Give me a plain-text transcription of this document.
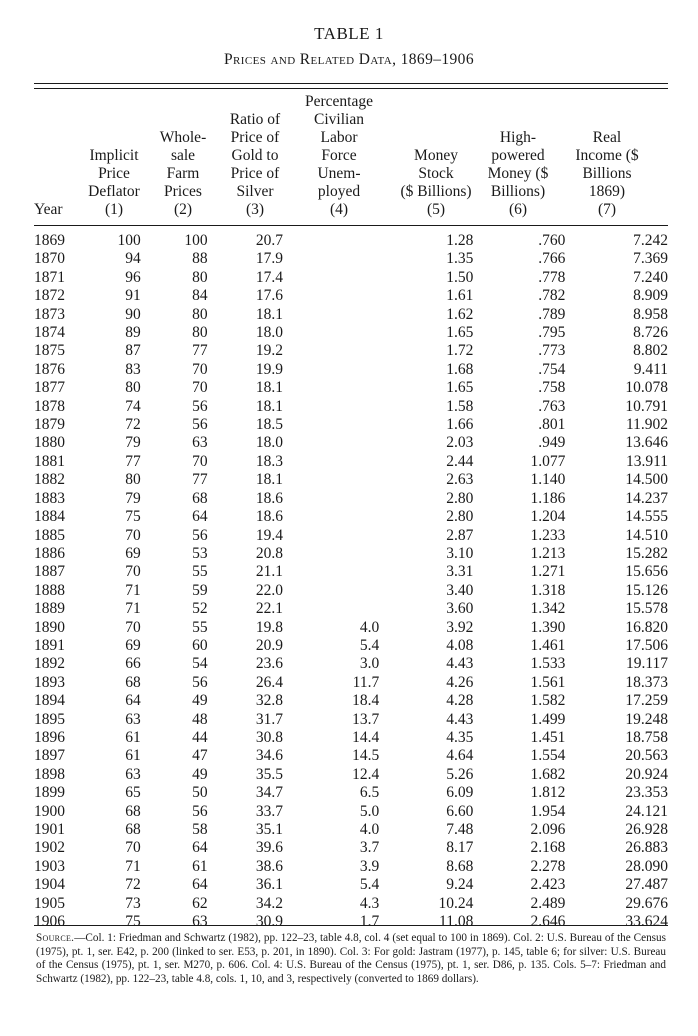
TABLE 1
Prices and Related Data, 1869–1906
Year
Implicit
Price
Deflator
(1)
Whole-
sale
Farm
Prices
(2)
Ratio of
Price of
Gold to
Price of
Silver
(3)
Percentage
Civilian
Labor
Force
Unem-
ployed
(4)
Money
Stock
($ Billions)
(5)
High-
powered
Money ($
Billions)
(6)
Real
Income ($
Billions
1869)
(7)
1869	100	100	20.7		1.28	.760	7.242
1870	94	88	17.9		1.35	.766	7.369
1871	96	80	17.4		1.50	.778	7.240
1872	91	84	17.6		1.61	.782	8.909
1873	90	80	18.1		1.62	.789	8.958
1874	89	80	18.0		1.65	.795	8.726
1875	87	77	19.2		1.72	.773	8.802
1876	83	70	19.9		1.68	.754	9.411
1877	80	70	18.1		1.65	.758	10.078
1878	74	56	18.1		1.58	.763	10.791
1879	72	56	18.5		1.66	.801	11.902
1880	79	63	18.0		2.03	.949	13.646
1881	77	70	18.3		2.44	1.077	13.911
1882	80	77	18.1		2.63	1.140	14.500
1883	79	68	18.6		2.80	1.186	14.237
1884	75	64	18.6		2.80	1.204	14.555
1885	70	56	19.4		2.87	1.233	14.510
1886	69	53	20.8		3.10	1.213	15.282
1887	70	55	21.1		3.31	1.271	15.656
1888	71	59	22.0		3.40	1.318	15.126
1889	71	52	22.1		3.60	1.342	15.578
1890	70	55	19.8	4.0	3.92	1.390	16.820
1891	69	60	20.9	5.4	4.08	1.461	17.506
1892	66	54	23.6	3.0	4.43	1.533	19.117
1893	68	56	26.4	11.7	4.26	1.561	18.373
1894	64	49	32.8	18.4	4.28	1.582	17.259
1895	63	48	31.7	13.7	4.43	1.499	19.248
1896	61	44	30.8	14.4	4.35	1.451	18.758
1897	61	47	34.6	14.5	4.64	1.554	20.563
1898	63	49	35.5	12.4	5.26	1.682	20.924
1899	65	50	34.7	6.5	6.09	1.812	23.353
1900	68	56	33.7	5.0	6.60	1.954	24.121
1901	68	58	35.1	4.0	7.48	2.096	26.928
1902	70	64	39.6	3.7	8.17	2.168	26.883
1903	71	61	38.6	3.9	8.68	2.278	28.090
1904	72	64	36.1	5.4	9.24	2.423	27.487
1905	73	62	34.2	4.3	10.24	2.489	29.676
1906	75	63	30.9	1.7	11.08	2.646	33.624
Source.—Col. 1: Friedman and Schwartz (1982), pp. 122–23, table 4.8, col. 4 (set equal to 100 in 1869). Col. 2: U.S. Bureau of the Census (1975), pt. 1, ser. E42, p. 200 (linked to ser. E53, p. 201, in 1890). Col. 3: For gold: Jastram (1977), p. 145, table 6; for silver: U.S. Bureau of the Census (1975), pt. 1, ser. M270, p. 606. Col. 4: U.S. Bureau of the Census (1975), pt. 1, ser. D86, p. 135. Cols. 5–7: Friedman and Schwartz (1982), pp. 122–23, table 4.8, cols. 1, 10, and 3, respectively (converted to 1869 dollars).
